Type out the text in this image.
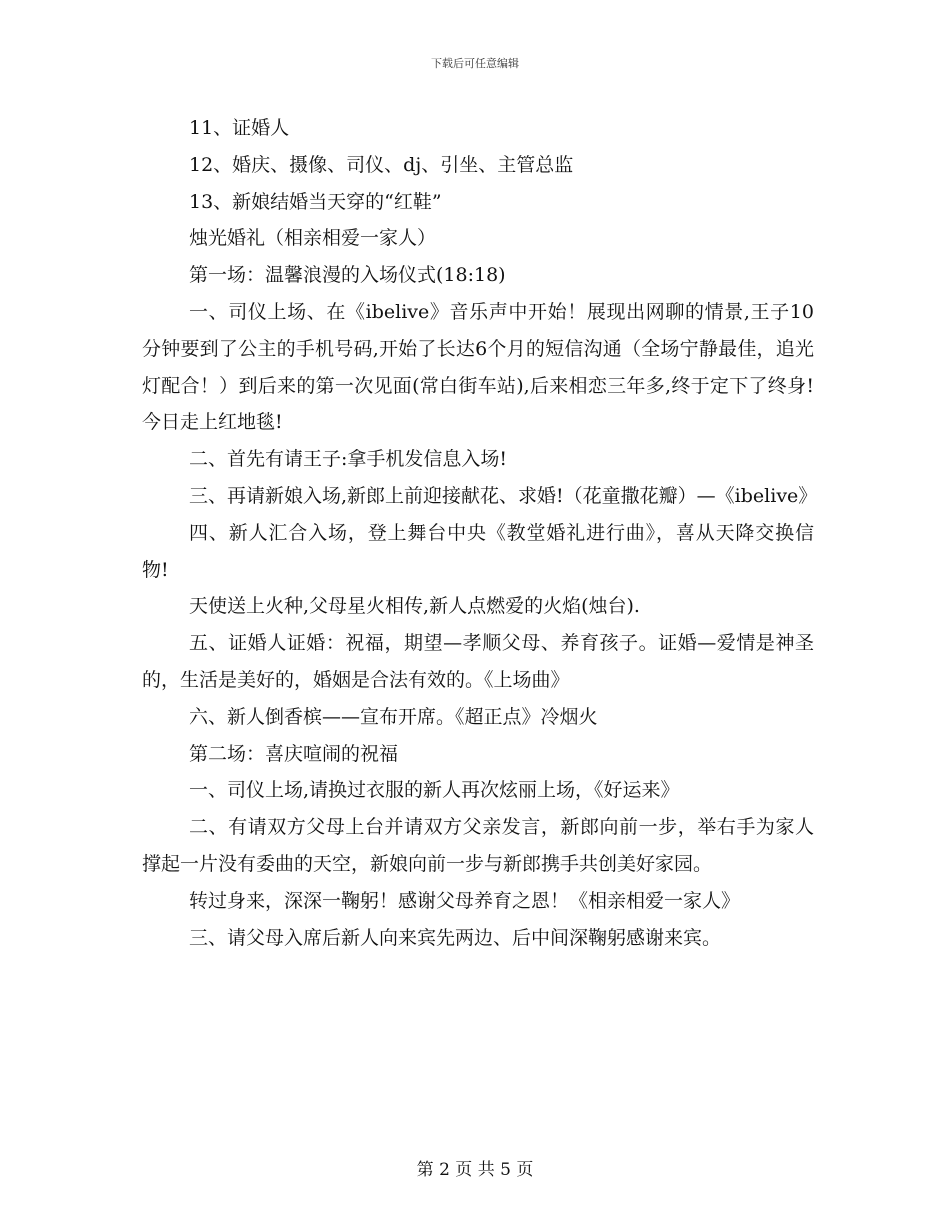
下载后可任意编辑

11、证婚人

12、婚庆、摄像、司仪、dj、引坐、主管总监

13、新娘结婚当天穿的“红鞋”

烛光婚礼（相亲相爱一家人）

第一场：温馨浪漫的入场仪式(18:18)

一、司仪上场、在《ibelive》音乐声中开始！展现出网聊的情景,王子10分钟要到了公主的手机号码,开始了长达6个月的短信沟通（全场宁静最佳，追光灯配合！）到后来的第一次见面(常白街车站),后来相恋三年多,终于定下了终身!今日走上红地毯!

二、首先有请王子:拿手机发信息入场!

三、再请新娘入场,新郎上前迎接献花、求婚!（花童撒花瓣）—《ibelive》

四、新人汇合入场，登上舞台中央《教堂婚礼进行曲》，喜从天降交换信物!

天使送上火种,父母星火相传,新人点燃爱的火焰(烛台).

五、证婚人证婚：祝福，期望—孝顺父母、养育孩子。证婚—爱情是神圣的，生活是美好的，婚姻是合法有效的。《上场曲》

六、新人倒香槟——宣布开席。《超正点》冷烟火

第二场：喜庆喧闹的祝福

一、司仪上场,请换过衣服的新人再次炫丽上场，《好运来》

二、有请双方父母上台并请双方父亲发言，新郎向前一步，举右手为家人撑起一片没有委曲的天空，新娘向前一步与新郎携手共创美好家园。

转过身来，深深一鞠躬！感谢父母养育之恩！《相亲相爱一家人》

三、请父母入席后新人向来宾先两边、后中间深鞠躬感谢来宾。

第 2 页 共 5 页
